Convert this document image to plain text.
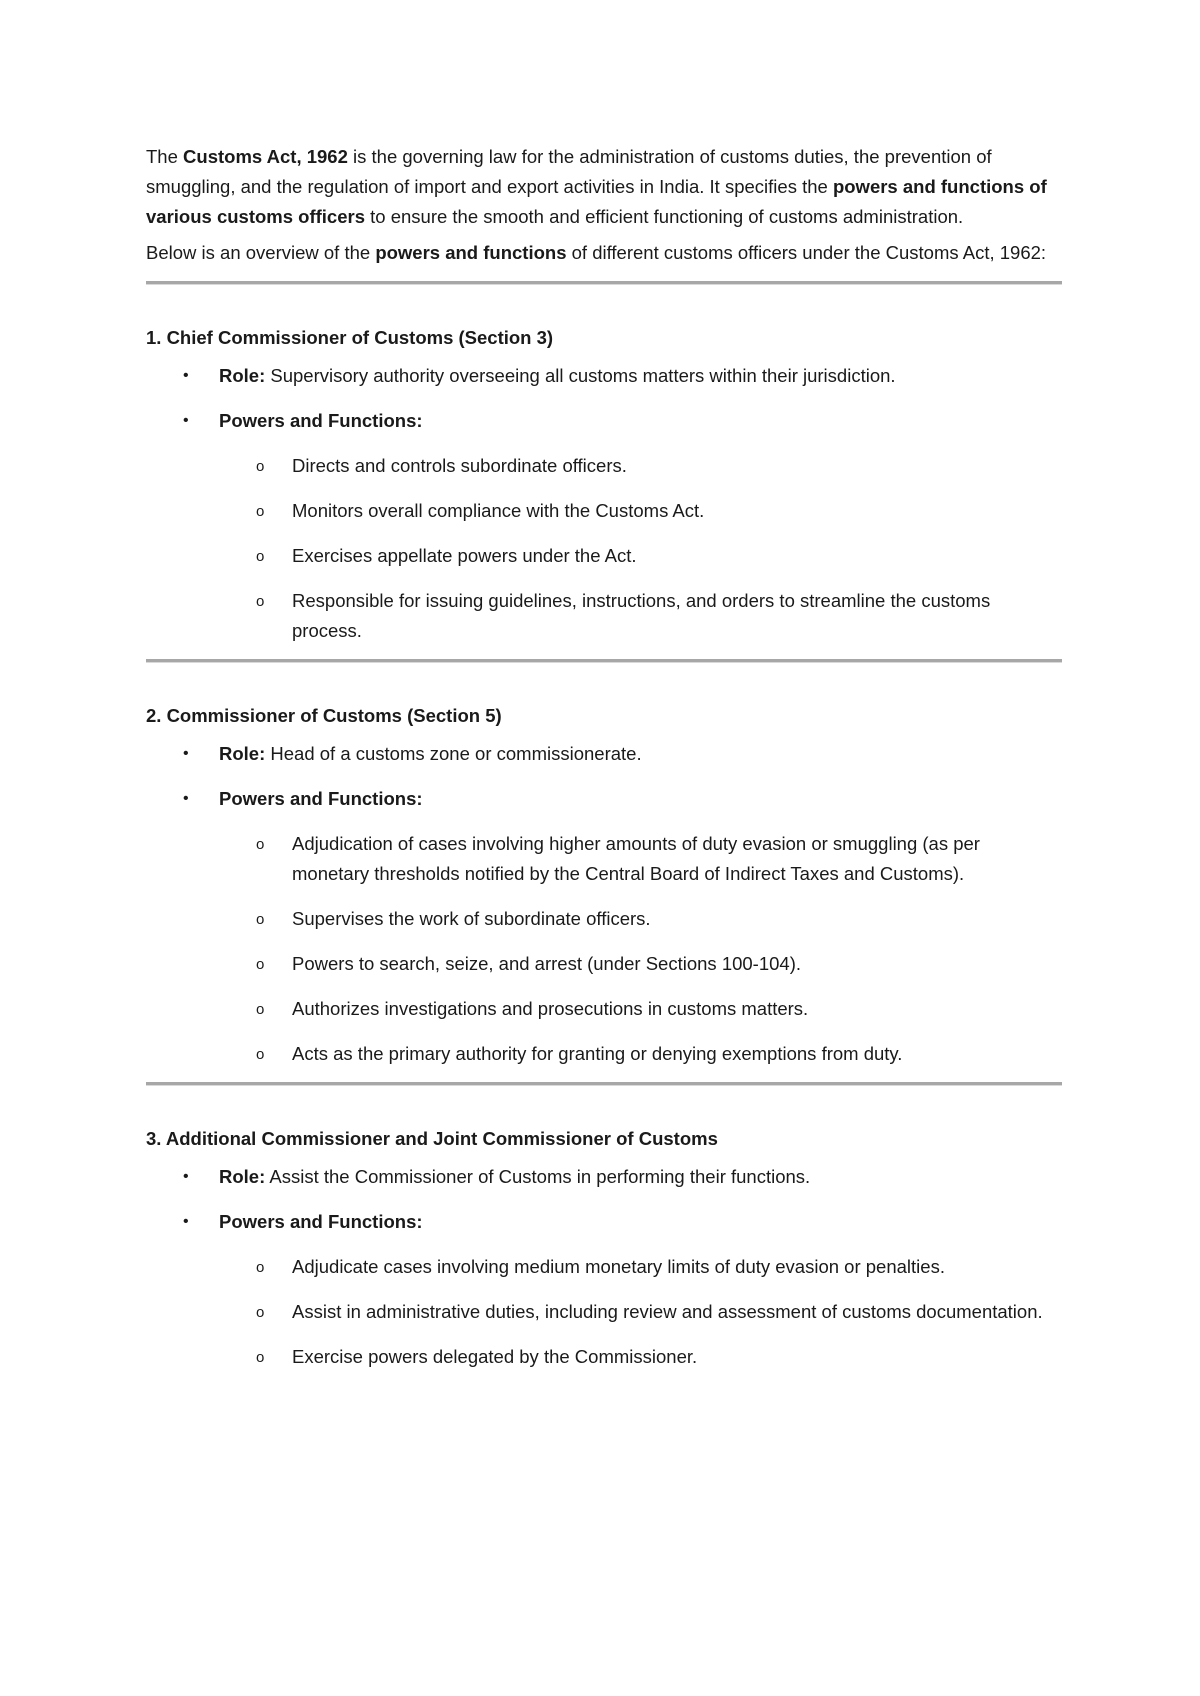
The Customs Act, 1962 is the governing law for the administration of customs duties, the prevention of smuggling, and the regulation of import and export activities in India. It specifies the powers and functions of various customs officers to ensure the smooth and efficient functioning of customs administration.

Below is an overview of the powers and functions of different customs officers under the Customs Act, 1962:

1. Chief Commissioner of Customs (Section 3)
• Role: Supervisory authority overseeing all customs matters within their jurisdiction.
• Powers and Functions:
o Directs and controls subordinate officers.
o Monitors overall compliance with the Customs Act.
o Exercises appellate powers under the Act.
o Responsible for issuing guidelines, instructions, and orders to streamline the customs process.
2. Commissioner of Customs (Section 5)
• Role: Head of a customs zone or commissionerate.
• Powers and Functions:
o Adjudication of cases involving higher amounts of duty evasion or smuggling (as per monetary thresholds notified by the Central Board of Indirect Taxes and Customs).
o Supervises the work of subordinate officers.
o Powers to search, seize, and arrest (under Sections 100-104).
o Authorizes investigations and prosecutions in customs matters.
o Acts as the primary authority for granting or denying exemptions from duty.
3. Additional Commissioner and Joint Commissioner of Customs
• Role: Assist the Commissioner of Customs in performing their functions.
• Powers and Functions:
o Adjudicate cases involving medium monetary limits of duty evasion or penalties.
o Assist in administrative duties, including review and assessment of customs documentation.
o Exercise powers delegated by the Commissioner.
